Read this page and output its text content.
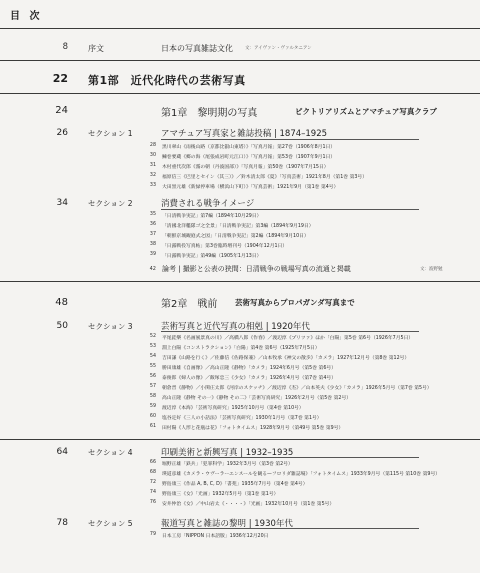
目 次
8	序文	日本の写真雑誌文化	文：アイヴァン・ヴァルタニアン
22 第1部　近代化時代の芸術写真
24	第1章　黎明期の写真	ピクトリアリズムとアマチュア写真クラブ
26	セクション 1	アマチュア写真家と雑誌投稿 | 1874–1925
28 黒川翠山《雨後山路（京都比叡山東塔）》「写真月報」第27巻（1906年8月1日）
30 鰊巻要蔵《郷の海（尾張成岩町元江口）》「写真月報」第53巻（1907年9月1日）
31 木村重代次郎《霧の朝（丹波国部）》「写真月報」第50巻（1907年7月15日）
32 福原信三《巴里とセイン（其三）》／鈴木清太郎《夏》「写真芸術」1921年8月（第1巻 第3号）
33 大田黒元雄《新緑停車場（横浜山下町）》「写真芸術」1921年9月（第1巻 第4号）
34	セクション 2	消費される戦争イメージ
35 「日清戦争実記」第7編（1894年10月29日）
36 「清國北洋艦隊ゴ之全景」「日清戦争実記」第3編（1894年9月19日）
37 「朝鮮京城観庭式之図」「日清戦争実記」第2編（1894年9月10日）
38 「日露戦役写真帖」第3巻臨時増刊号（1904年12月1日）
39 「日露戦争実記」第49編（1905年1月13日）
42 論考 | 撮影と公表の狭間：日清戦争の戦場写真の流通と掲載	文：波野勉
48	第2章　戦前 芸術写真からプロパガンダ写真まで
50	セクション 3	芸術写真と近代写真の相剋 | 1920年代
52 平尾銈樂《名画風景真の川》／高橋八郎《作春》／渡辺淳《プリツァ》ほか「白陽」第5巻 第6号（1926年7月5日）
53 淵上白陽《コンストラクション》「白陽」第4巻 第6号（1925年7月5日）
54 吉田謙《山路を行く》／佐藤信《佐路保兼》／山本牧承《神父の散歩》「カメラ」1927年12月号（第8巻 第12号）
55 勝田康雄《自画像》／高山正隆《静物》「カメラ」1924年6月号（第5巻 第6号）
56 泰俊郎《婦人の像》／飯塚忠三《少女》「カメラ」1926年4月号（第7巻 第4号）
57 朝倉晋《静物》／小関庄太郎《河岸のスケッチ》／渡辺淳《杰》／山本英夫《少女》「カメラ」1926年5月号（第7巻 第5号）
58 高山正隆《静物 その一》《静物 その二》「芸術写真研究」1926年2月号（第5巻 第2号）
59 渡辺淳《本海》「芸術写真研究」1925年10月号（第4巻 第10号）
60 塩谷定好《三人の小話法》「芸術写真研究」1930年1月号（第7巻 第1号）
61 田村陽《人形と花瓶は花》「フォトタイムス」1928年9月号（第49号 第5巻 第9号）
64	セクション 4	印刷美術と新興写真 | 1932–1935
66 堀野正雄「鉄兵」「犯罪科学」1932年3月号（第3巻 第2号）
68 瑛道彦雄《カメラ・ウヴーラーエンスールを観る—フロリダ雑誌場》「フォトタイムス」1933年9月号（第115号 第10巻 第9号）
72 野島康三《作品 A, B, C, D》「書苑」1935年7月号（第4巻 第4号）
74 野島康三《女》「光画」1932年5月号（第1巻 第1号）
76 安井仲治《女》／中山岩太《・・・・》「光画」1932年10月号（第1巻 第5号）
78	セクション 5	報道写真と雑誌の黎明 | 1930年代
79 日本工房「NIPPON 日本語版」1936年12月20日
